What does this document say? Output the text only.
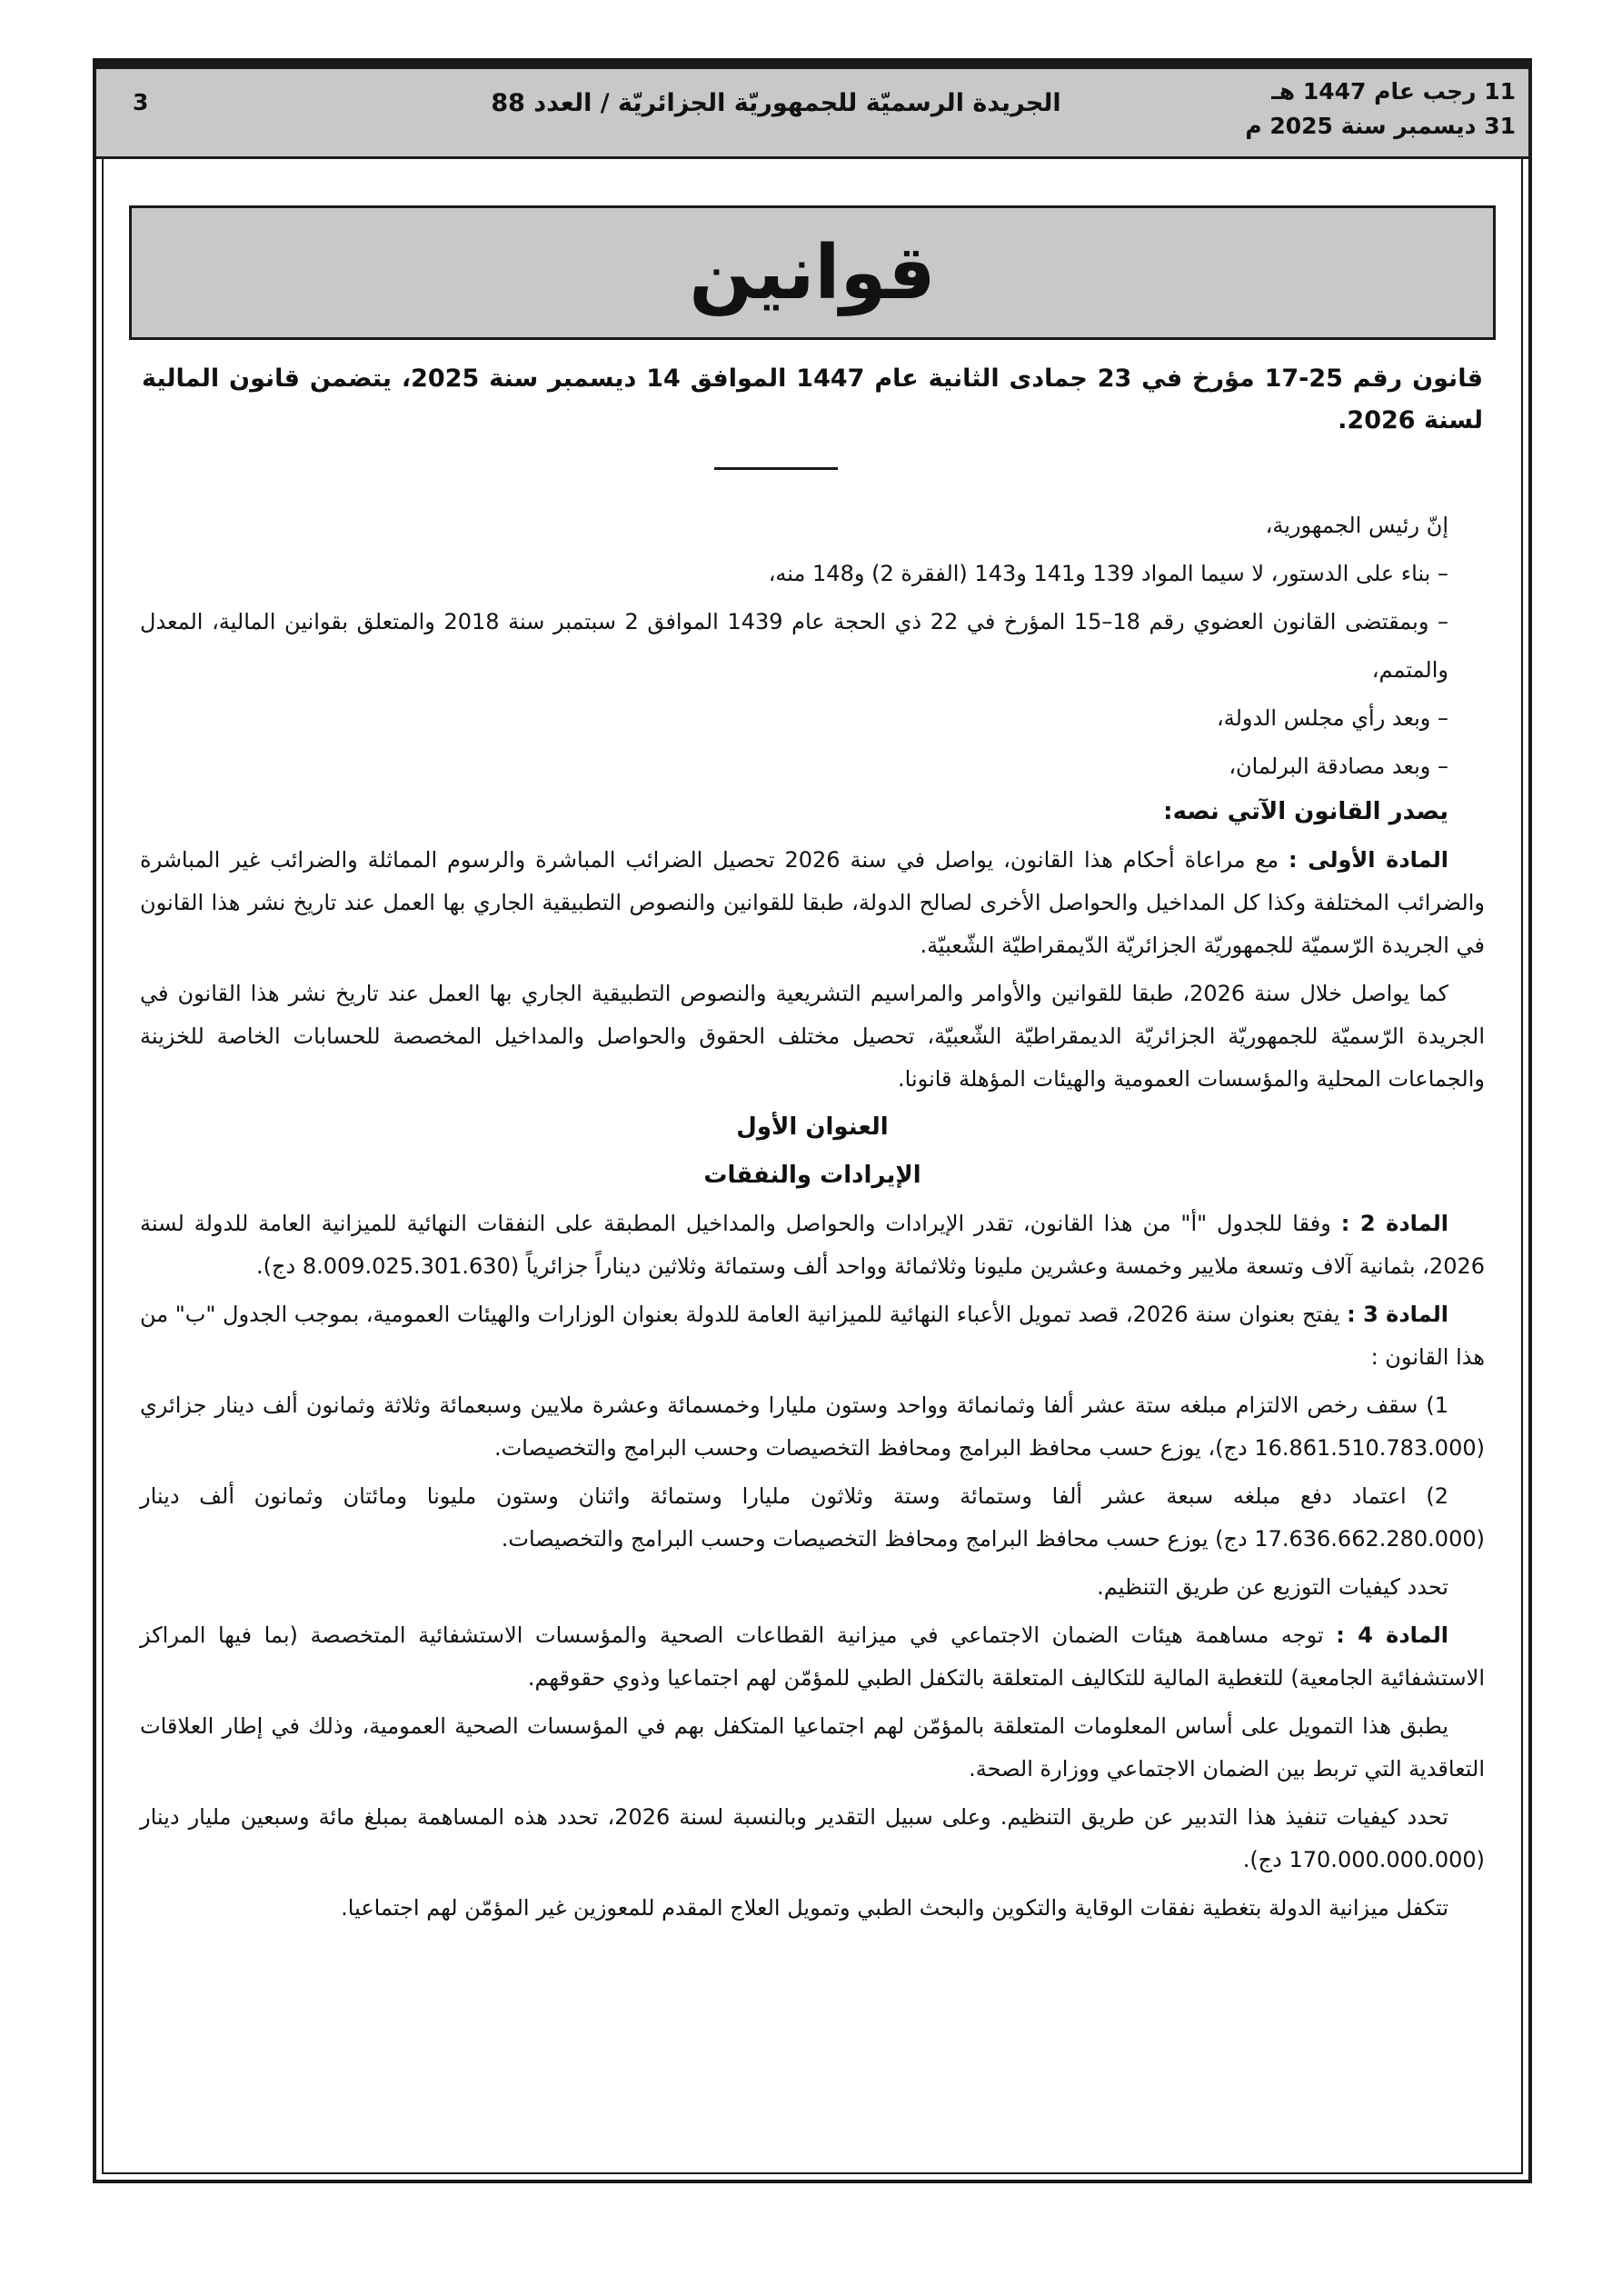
11 رجب عام 1447 هـ
31 ديسمبر سنة 2025 م
الجريدة الرسميّة للجمهوريّة الجزائريّة / العدد 88
3
قوانين
قانون رقم 25-17 مؤرخ في 23 جمادى الثانية عام 1447 الموافق 14 ديسمبر سنة 2025، يتضمن قانون المالية لسنة 2026.

إنّ رئيس الجمهورية،

– بناء على الدستور، لا سيما المواد 139 و141 و143 (الفقرة 2) و148 منه،

– وبمقتضى القانون العضوي رقم 18–15 المؤرخ في 22 ذي الحجة عام 1439 الموافق 2 سبتمبر سنة 2018 والمتعلق بقوانين المالية، المعدل والمتمم،

– وبعد رأي مجلس الدولة،

– وبعد مصادقة البرلمان،

يصدر القانون الآتي نصه:

المادة الأولى : مع مراعاة أحكام هذا القانون، يواصل في سنة 2026 تحصيل الضرائب المباشرة والرسوم المماثلة والضرائب غير المباشرة والضرائب المختلفة وكذا كل المداخيل والحواصل الأخرى لصالح الدولة، طبقا للقوانين والنصوص التطبيقية الجاري بها العمل عند تاريخ نشر هذا القانون في الجريدة الرّسميّة للجمهوريّة الجزائريّة الدّيمقراطيّة الشّعبيّة.

كما يواصل خلال سنة 2026، طبقا للقوانين والأوامر والمراسيم التشريعية والنصوص التطبيقية الجاري بها العمل عند تاريخ نشر هذا القانون في الجريدة الرّسميّة للجمهوريّة الجزائريّة الديمقراطيّة الشّعبيّة، تحصيل مختلف الحقوق والحواصل والمداخيل المخصصة للحسابات الخاصة للخزينة والجماعات المحلية والمؤسسات العمومية والهيئات المؤهلة قانونا.

العنوان الأول

الإيرادات والنفقات

المادة 2 : وفقا للجدول "أ" من هذا القانون، تقدر الإيرادات والحواصل والمداخيل المطبقة على النفقات النهائية للميزانية العامة للدولة لسنة 2026، بثمانية آلاف وتسعة ملايير وخمسة وعشرين مليونا وثلاثمائة وواحد ألف وستمائة وثلاثين ديناراً جزائرياً (8.009.025.301.630 دج).

المادة 3 : يفتح بعنوان سنة 2026، قصد تمويل الأعباء النهائية للميزانية العامة للدولة بعنوان الوزارات والهيئات العمومية، بموجب الجدول "ب" من هذا القانون :

1) سقف رخص الالتزام مبلغه ستة عشر ألفا وثمانمائة وواحد وستون مليارا وخمسمائة وعشرة ملايين وسبعمائة وثلاثة وثمانون ألف دينار جزائري (16.861.510.783.000 دج)، يوزع حسب محافظ البرامج ومحافظ التخصيصات وحسب البرامج والتخصيصات.

2) اعتماد دفع مبلغه سبعة عشر ألفا وستمائة وستة وثلاثون مليارا وستمائة واثنان وستون مليونا ومائتان وثمانون ألف دينار (17.636.662.280.000 دج) يوزع حسب محافظ البرامج ومحافظ التخصيصات وحسب البرامج والتخصيصات.

تحدد كيفيات التوزيع عن طريق التنظيم.

المادة 4 : توجه مساهمة هيئات الضمان الاجتماعي في ميزانية القطاعات الصحية والمؤسسات الاستشفائية المتخصصة (بما فيها المراكز الاستشفائية الجامعية) للتغطية المالية للتكاليف المتعلقة بالتكفل الطبي للمؤمّن لهم اجتماعيا وذوي حقوقهم.

يطبق هذا التمويل على أساس المعلومات المتعلقة بالمؤمّن لهم اجتماعيا المتكفل بهم في المؤسسات الصحية العمومية، وذلك في إطار العلاقات التعاقدية التي تربط بين الضمان الاجتماعي ووزارة الصحة.

تحدد كيفيات تنفيذ هذا التدبير عن طريق التنظيم. وعلى سبيل التقدير وبالنسبة لسنة 2026، تحدد هذه المساهمة بمبلغ مائة وسبعين مليار دينار (170.000.000.000 دج).

تتكفل ميزانية الدولة بتغطية نفقات الوقاية والتكوين والبحث الطبي وتمويل العلاج المقدم للمعوزين غير المؤمّن لهم اجتماعيا.
